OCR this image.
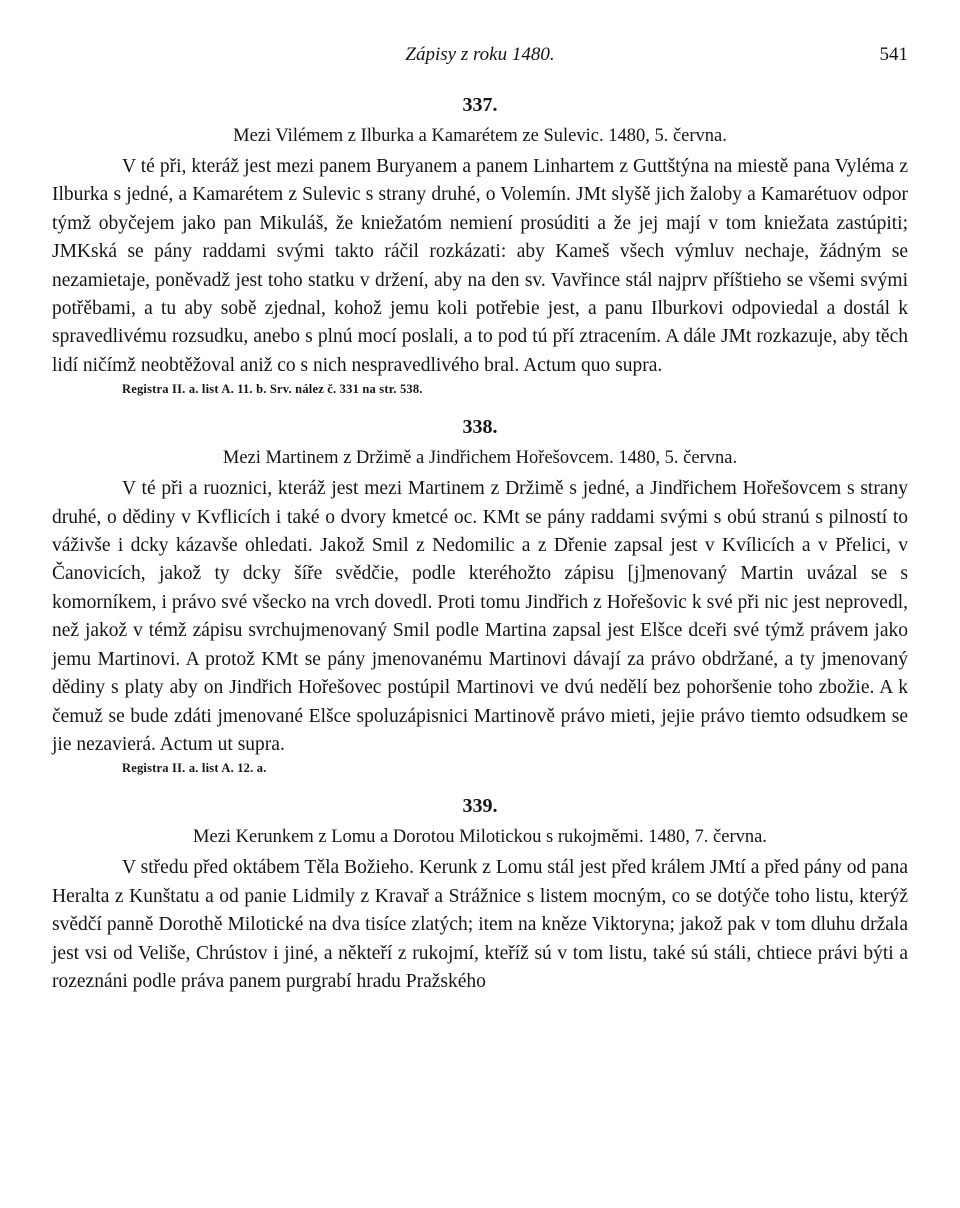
Zápisy z roku 1480.	541
337.
Mezi Vilémem z Ilburka a Kamarétem ze Sulevic. 1480, 5. června.

V té při, kteráž jest mezi panem Buryanem a panem Linhartem z Guttštýna na miestě pana Vyléma z Ilburka s jedné, a Kamarétem z Sulevic s strany druhé, o Volemín. JMt slyšě jich žaloby a Kamarétuov odpor týmž obyčejem jako pan Mikuláš, že kniežatóm nemiení prosúditi a že jej mají v tom kniežata zastúpiti; JMKská se pány raddami svými takto ráčil rozkázati: aby Kameš všech výmluv nechaje, žádným se nezamietaje, poněvadž jest toho statku v držení, aby na den sv. Vavřince stál najprv příštieho se všemi svými potřěbami, a tu aby sobě zjednal, kohož jemu koli potřebie jest, a panu Ilburkovi odpoviedal a dostál k spravedlivému rozsudku, anebo s plnú mocí poslali, a to pod tú pří ztracením. A dále JMt rozkazuje, aby těch lidí ničímž neobtěžoval aniž co s nich nespravedlivého bral. Actum quo supra.

Registra II. a. list A. 11. b. Srv. nález č. 331 na str. 538.
338.
Mezi Martinem z Držimě a Jindřichem Hořešovcem. 1480, 5. června.

V té při a ruoznici, kteráž jest mezi Martinem z Držimě s jedné, a Jindřichem Hořešovcem s strany druhé, o dědiny v Kvflicích i také o dvory kmetcé oc. KMt se pány raddami svými s obú stranú s pilností to váživše i dcky kázavše ohledati. Jakož Smil z Nedomilic a z Dřenie zapsal jest v Kvílicích a v Přelici, v Čanovicích, jakož ty dcky šíře svědčie, podle kteréhožto zápisu [j]menovaný Martin uvázal se s komorníkem, i právo své všecko na vrch dovedl. Proti tomu Jindřich z Hořešovic k své při nic jest neprovedl, než jakož v témž zápisu svrchujmenovaný Smil podle Martina zapsal jest Elšce dceři své týmž právem jako jemu Martinovi. A protož KMt se pány jmenovanému Martinovi dávají za právo obdržané, a ty jmenovaný dědiny s platy aby on Jindřich Hořešovec postúpil Martinovi ve dvú nedělí bez pohoršenie toho zbožie. A k čemuž se bude zdáti jmenované Elšce spoluzápisnici Martinově právo mieti, jejie právo tiemto odsudkem se jie nezavierá. Actum ut supra.

Registra II. a. list A. 12. a.
339.
Mezi Kerunkem z Lomu a Dorotou Milotickou s rukojměmi. 1480, 7. června.

V středu před oktábem Těla Božieho. Kerunk z Lomu stál jest před králem JMtí a před pány od pana Heralta z Kunštatu a od panie Lidmily z Kravař a Strážnice s listem mocným, co se dotýče toho listu, kterýž svědčí panně Dorothě Milotické na dva tisíce zlatých; item na kněze Viktoryna; jakož pak v tom dluhu držala jest vsi od Veliše, Chrústov i jiné, a někteří z rukojmí, kteříž sú v tom listu, také sú stáli, chtiece právi býti a rozeznáni podle práva panem purgrabí hradu Pražského
